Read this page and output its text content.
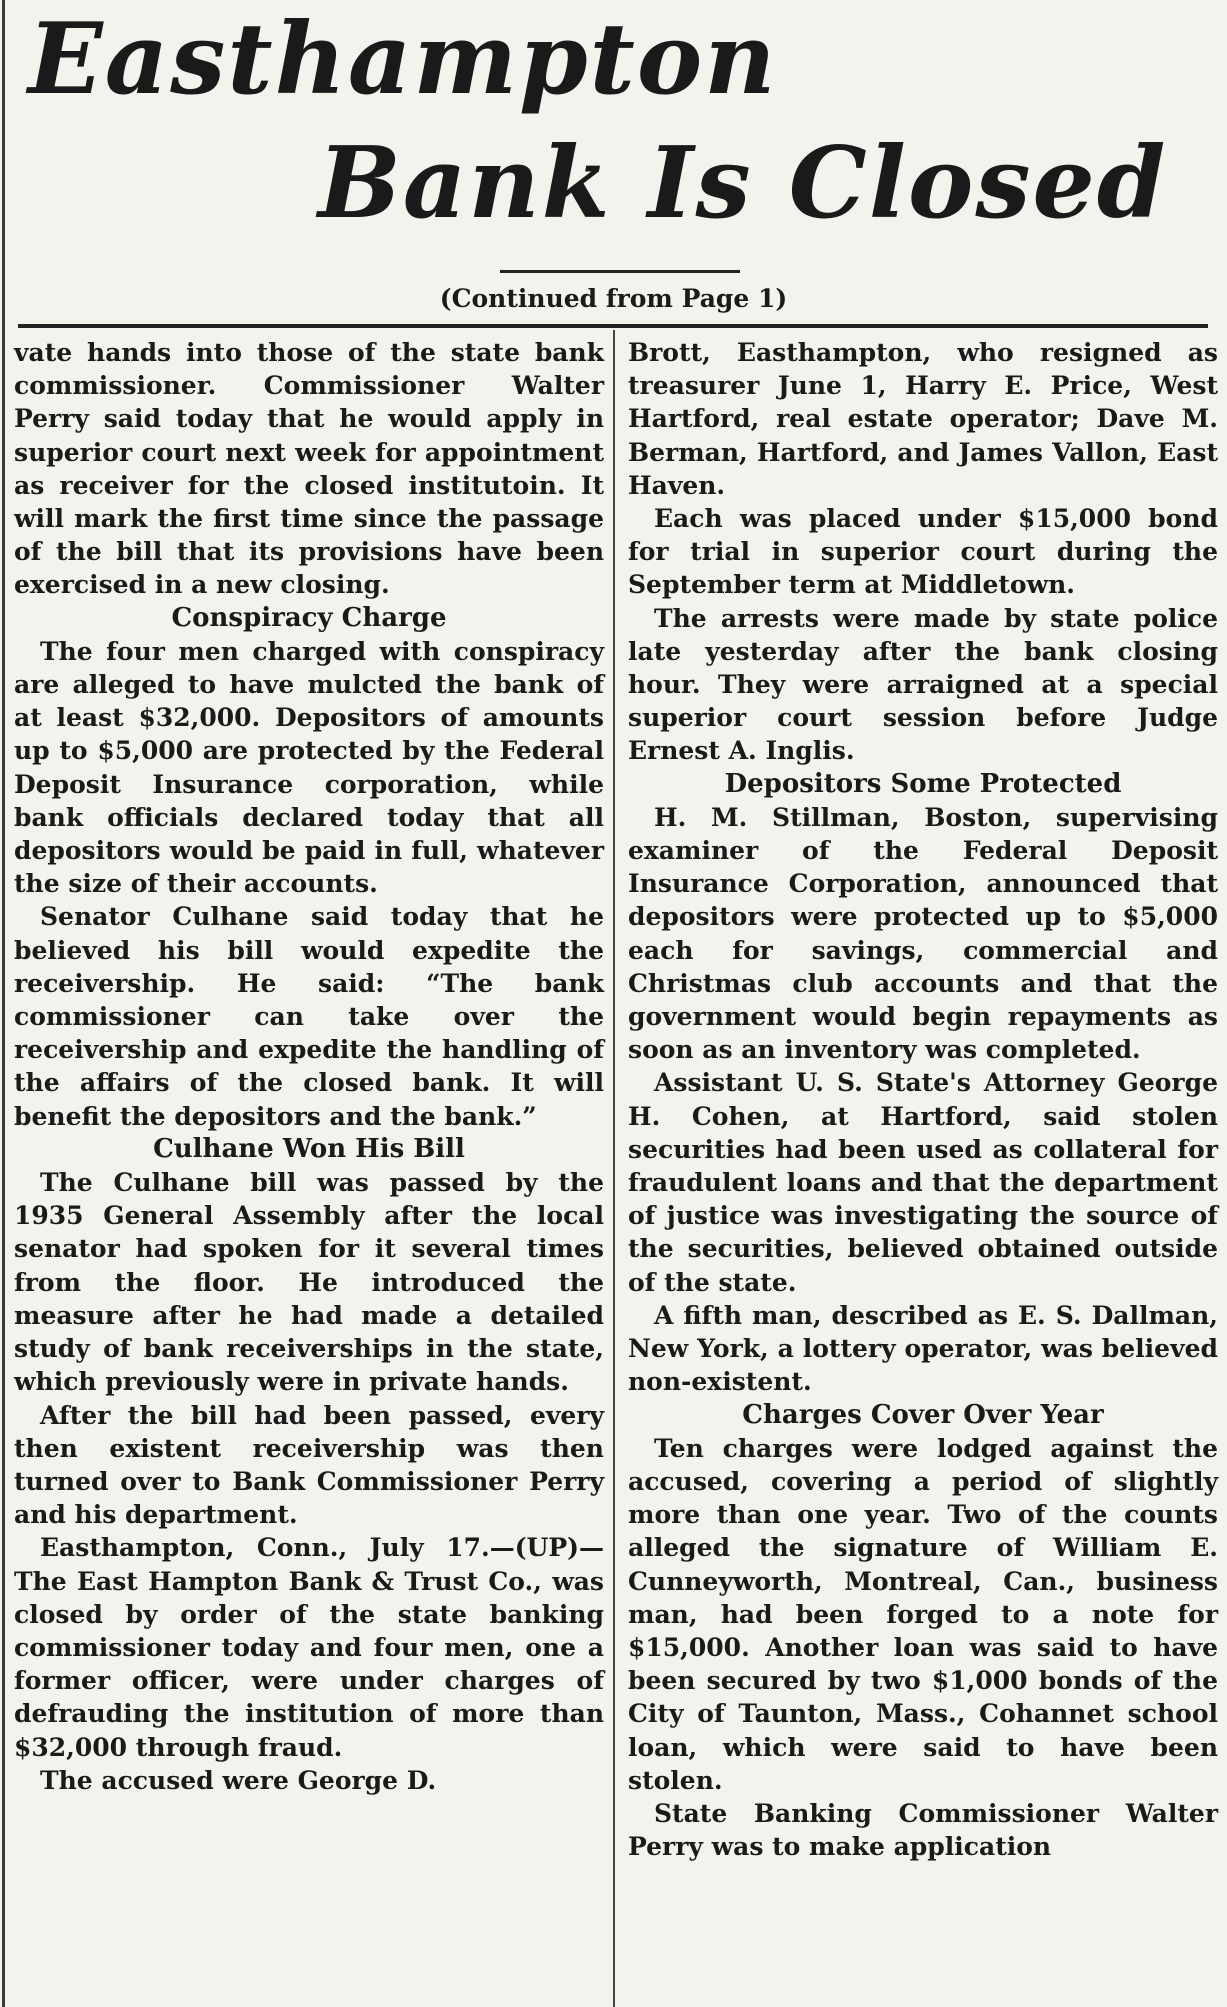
Easthampton
Bank Is Closed
(Continued from Page 1)

vate hands into those of the state bank commissioner. Commissioner Walter Perry said today that he would apply in superior court next week for appointment as receiver for the closed institutoin. It will mark the first time since the passage of the bill that its provisions have been exercised in a new closing.

Conspiracy Charge

The four men charged with conspiracy are alleged to have mulcted the bank of at least $32,000. Depositors of amounts up to $5,000 are protected by the Federal Deposit Insurance corporation, while bank officials declared today that all depositors would be paid in full, whatever the size of their accounts.

Senator Culhane said today that he believed his bill would expedite the receivership. He said: “The bank commissioner can take over the receivership and expedite the handling of the affairs of the closed bank. It will benefit the depositors and the bank.”

Culhane Won His Bill

The Culhane bill was passed by the 1935 General Assembly after the local senator had spoken for it several times from the floor. He introduced the measure after he had made a detailed study of bank receiverships in the state, which previously were in private hands.

After the bill had been passed, every then existent receivership was then turned over to Bank Commissioner Perry and his department.

Easthampton, Conn., July 17.—(UP)—The East Hampton Bank & Trust Co., was closed by order of the state banking commissioner today and four men, one a former officer, were under charges of defrauding the institution of more than $32,000 through fraud.

The accused were George D.

Brott, Easthampton, who resigned as treasurer June 1, Harry E. Price, West Hartford, real estate operator; Dave M. Berman, Hartford, and James Vallon, East Haven.

Each was placed under $15,000 bond for trial in superior court during the September term at Middletown.

The arrests were made by state police late yesterday after the bank closing hour. They were arraigned at a special superior court session before Judge Ernest A. Inglis.

Depositors Some Protected

H. M. Stillman, Boston, supervising examiner of the Federal Deposit Insurance Corporation, announced that depositors were protected up to $5,000 each for savings, commercial and Christmas club accounts and that the government would begin repayments as soon as an inventory was completed.

Assistant U. S. State's Attorney George H. Cohen, at Hartford, said stolen securities had been used as collateral for fraudulent loans and that the department of justice was investigating the source of the securities, believed obtained outside of the state.

A fifth man, described as E. S. Dallman, New York, a lottery operator, was believed non-existent.

Charges Cover Over Year

Ten charges were lodged against the accused, covering a period of slightly more than one year. Two of the counts alleged the signature of William E. Cunneyworth, Montreal, Can., business man, had been forged to a note for $15,000. Another loan was said to have been secured by two $1,000 bonds of the City of Taunton, Mass., Cohannet school loan, which were said to have been stolen.

State Banking Commissioner Walter Perry was to make application
